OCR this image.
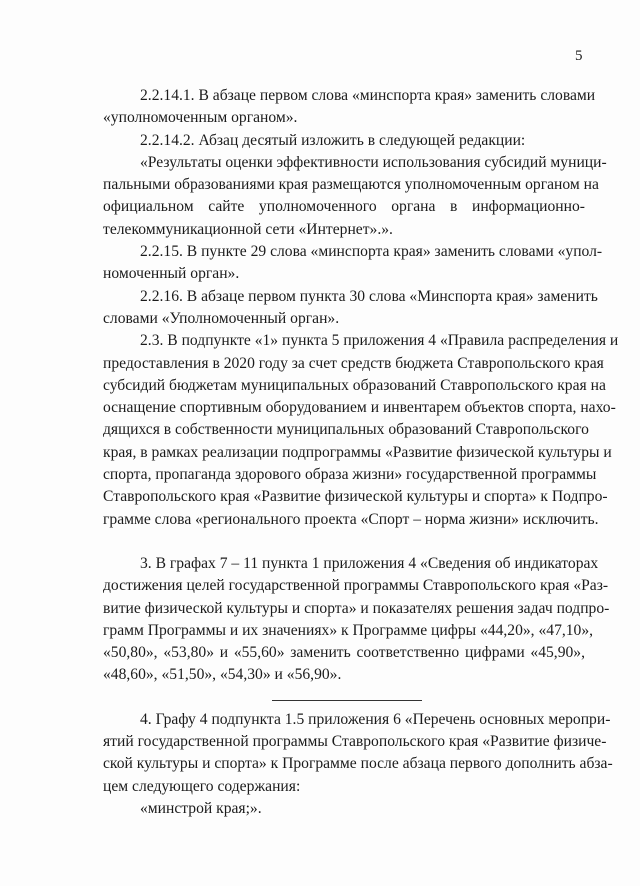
5

2.2.14.1. В абзаце первом слова «минспорта края» заменить словами
«уполномоченным органом».

2.2.14.2. Абзац десятый изложить в следующей редакции:

«Результаты оценки эффективности использования субсидий муници-
пальными образованиями края размещаются уполномоченным органом на
официальном сайте уполномоченного органа в информационно-
телекоммуникационной сети «Интернет».».

2.2.15. В пункте 29 слова «минспорта края» заменить словами «упол-
номоченный орган».

2.2.16. В абзаце первом пункта 30 слова «Минспорта края» заменить
словами «Уполномоченный орган».

2.3. В подпункте «1» пункта 5 приложения 4 «Правила распределения и
предоставления в 2020 году за счет средств бюджета Ставропольского края
субсидий бюджетам муниципальных образований Ставропольского края на
оснащение спортивным оборудованием и инвентарем объектов спорта, нахо-
дящихся в собственности муниципальных образований Ставропольского
края, в рамках реализации подпрограммы «Развитие физической культуры и
спорта, пропаганда здорового образа жизни» государственной программы
Ставропольского края «Развитие физической культуры и спорта» к Подпро-
грамме слова «регионального проекта «Спорт – норма жизни» исключить.

3. В графах 7 – 11 пункта 1 приложения 4 «Сведения об индикаторах
достижения целей государственной программы Ставропольского края «Раз-
витие физической культуры и спорта» и показателях решения задач подпро-
грамм Программы и их значениях» к Программе цифры «44,20», «47,10»,
«50,80», «53,80» и «55,60» заменить соответственно цифрами «45,90»,
«48,60», «51,50», «54,30» и «56,90».

4. Графу 4 подпункта 1.5 приложения 6 «Перечень основных меропри-
ятий государственной программы Ставропольского края «Развитие физиче-
ской культуры и спорта» к Программе после абзаца первого дополнить абза-
цем следующего содержания:

«минстрой края;».
